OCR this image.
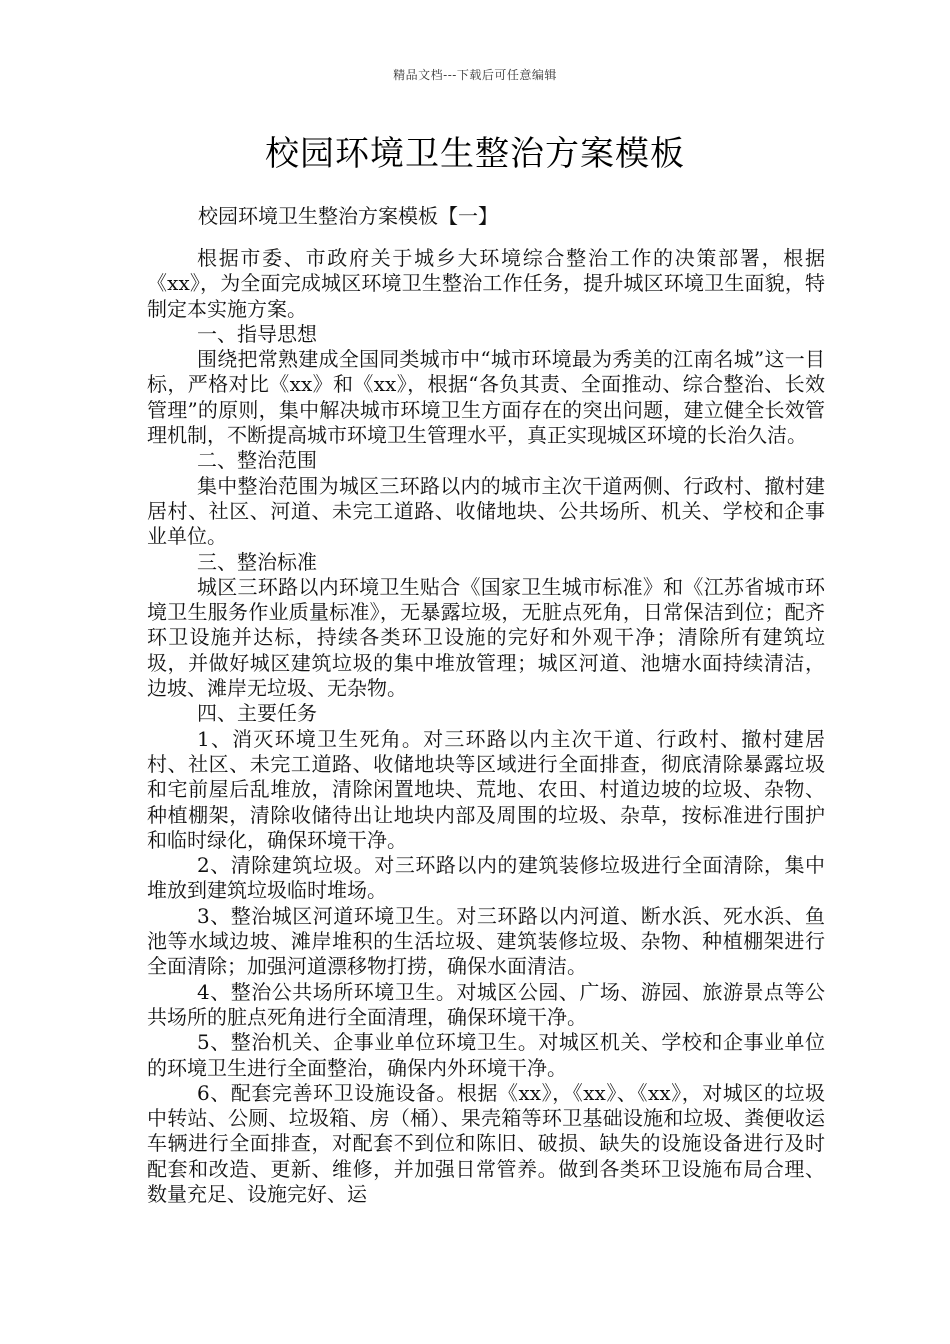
精品文档---下载后可任意编辑
校园环境卫生整治方案模板

校园环境卫生整治方案模板【一】

根据市委、市政府关于城乡大环境综合整治工作的决策部署，根据《xx》，为全面完成城区环境卫生整治工作任务，提升城区环境卫生面貌，特制定本实施方案。

一、指导思想

围绕把常熟建成全国同类城市中“城市环境最为秀美的江南名城”这一目标，严格对比《xx》和《xx》，根据“各负其责、全面推动、综合整治、长效管理”的原则，集中解决城市环境卫生方面存在的突出问题，建立健全长效管理机制，不断提高城市环境卫生管理水平，真正实现城区环境的长治久洁。

二、整治范围

集中整治范围为城区三环路以内的城市主次干道两侧、行政村、撤村建居村、社区、河道、未完工道路、收储地块、公共场所、机关、学校和企事业单位。

三、整治标准

城区三环路以内环境卫生贴合《国家卫生城市标准》和《江苏省城市环境卫生服务作业质量标准》，无暴露垃圾，无脏点死角，日常保洁到位；配齐环卫设施并达标，持续各类环卫设施的完好和外观干净；清除所有建筑垃圾，并做好城区建筑垃圾的集中堆放管理；城区河道、池塘水面持续清洁，边坡、滩岸无垃圾、无杂物。

四、主要任务

1、消灭环境卫生死角。对三环路以内主次干道、行政村、撤村建居村、社区、未完工道路、收储地块等区域进行全面排查，彻底清除暴露垃圾和宅前屋后乱堆放，清除闲置地块、荒地、农田、村道边坡的垃圾、杂物、种植棚架，清除收储待出让地块内部及周围的垃圾、杂草，按标准进行围护和临时绿化，确保环境干净。

2、清除建筑垃圾。对三环路以内的建筑装修垃圾进行全面清除，集中堆放到建筑垃圾临时堆场。

3、整治城区河道环境卫生。对三环路以内河道、断水浜、死水浜、鱼池等水域边坡、滩岸堆积的生活垃圾、建筑装修垃圾、杂物、种植棚架进行全面清除；加强河道漂移物打捞，确保水面清洁。

4、整治公共场所环境卫生。对城区公园、广场、游园、旅游景点等公共场所的脏点死角进行全面清理，确保环境干净。

5、整治机关、企事业单位环境卫生。对城区机关、学校和企事业单位的环境卫生进行全面整治，确保内外环境干净。

6、配套完善环卫设施设备。根据《xx》，《xx》、《xx》，对城区的垃圾中转站、公厕、垃圾箱、房（桶）、果壳箱等环卫基础设施和垃圾、粪便收运车辆进行全面排查，对配套不到位和陈旧、破损、缺失的设施设备进行及时配套和改造、更新、维修，并加强日常管养。做到各类环卫设施布局合理、数量充足、设施完好、运
